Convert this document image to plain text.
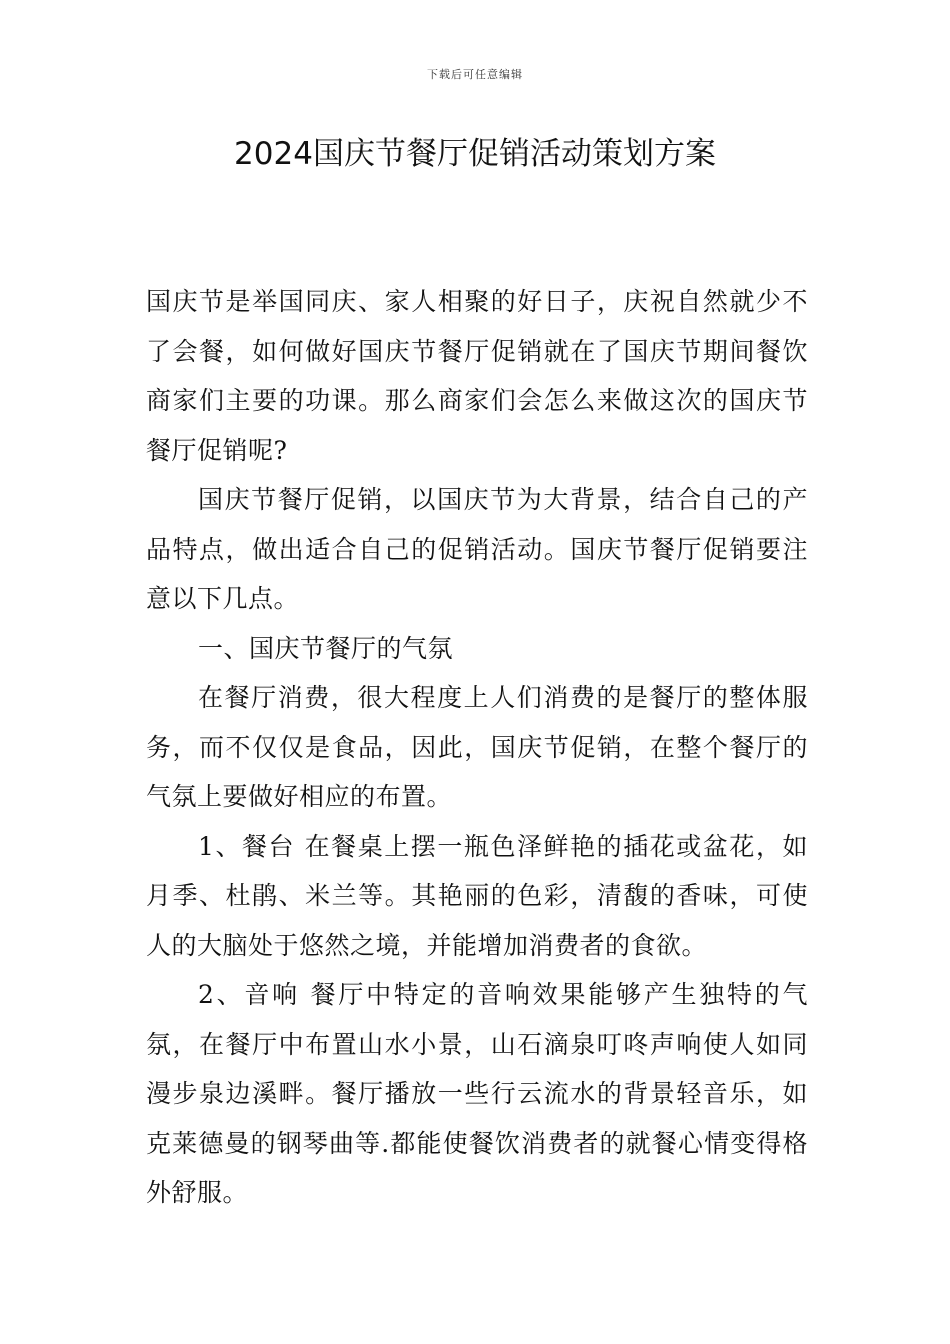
下载后可任意编辑
2024国庆节餐厅促销活动策划方案

国庆节是举国同庆、家人相聚的好日子，庆祝自然就少不了会餐，如何做好国庆节餐厅促销就在了国庆节期间餐饮商家们主要的功课。那么商家们会怎么来做这次的国庆节餐厅促销呢?

国庆节餐厅促销，以国庆节为大背景，结合自己的产品特点，做出适合自己的促销活动。国庆节餐厅促销要注意以下几点。

一、国庆节餐厅的气氛

在餐厅消费，很大程度上人们消费的是餐厅的整体服务，而不仅仅是食品，因此，国庆节促销，在整个餐厅的气氛上要做好相应的布置。

1、餐台 在餐桌上摆一瓶色泽鲜艳的插花或盆花，如月季、杜鹃、米兰等。其艳丽的色彩，清馥的香味，可使人的大脑处于悠然之境，并能增加消费者的食欲。

2、音响 餐厅中特定的音响效果能够产生独特的气氛，在餐厅中布置山水小景，山石滴泉叮咚声响使人如同漫步泉边溪畔。餐厅播放一些行云流水的背景轻音乐，如克莱德曼的钢琴曲等.都能使餐饮消费者的就餐心情变得格外舒服。
